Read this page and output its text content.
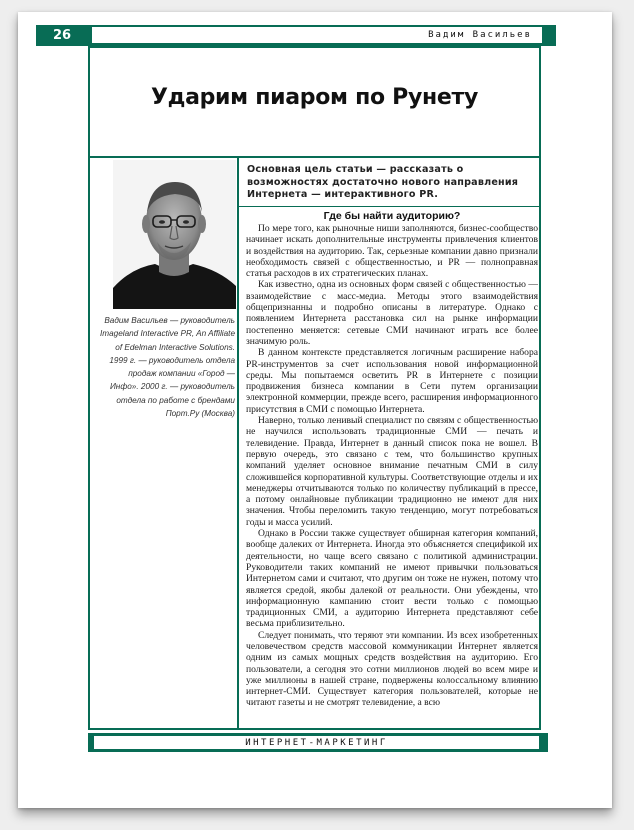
26	Вадим Васильев
Ударим пиаром по Рунету
Основная цель статьи — рассказать о возможностях достаточно нового направления Интернета — интерактивного PR.
Вадим Васильев — руководитель Imageland Interactive PR, An Affiliate of Edelman Interactive Solutions. 1999 г. — руководитель отдела продаж компании «Город — Инфо». 2000 г. — руководитель отдела по работе с брендами Порт.Ру (Москва)
Где бы найти аудиторию?

По мере того, как рыночные ниши заполняются, бизнес-сообщество начинает искать дополнительные инструменты привлечения клиентов и воздействия на аудиторию. Так, серьезные компании давно признали необходимость связей с общественностью, и PR — полноправная статья расходов в их стратегических планах.

Как известно, одна из основных форм связей с общественностью — взаимодействие с масс-медиа. Методы этого взаимодействия общепризнанны и подробно описаны в литературе. Однако с появлением Интернета расстановка сил на рынке информации постепенно меняется: сетевые СМИ начинают играть все более значимую роль.

В данном контексте представляется логичным расширение набора PR-инструментов за счет использования новой информационной среды. Мы попытаемся осветить PR в Интернете с позиции продвижения бизнеса компании в Сети путем организации электронной коммерции, прежде всего, расширения информационного присутствия в СМИ с помощью Интернета.

Наверно, только ленивый специалист по связям с общественностью не научился использовать традиционные СМИ — печать и телевидение. Правда, Интернет в данный список пока не вошел. В первую очередь, это связано с тем, что большинство крупных компаний уделяет основное внимание печатным СМИ в силу сложившейся корпоративной культуры. Соответствующие отделы и их менеджеры отчитываются только по количеству публикаций в прессе, а потому онлайновые публикации традиционно не имеют для них значения. Чтобы переломить такую тенденцию, могут потребоваться годы и масса усилий.

Однако в России также существует обширная категория компаний, вообще далеких от Интернета. Иногда это объясняется спецификой их деятельности, но чаще всего связано с политикой администрации. Руководители таких компаний не имеют привычки пользоваться Интернетом сами и считают, что другим он тоже не нужен, потому что является средой, якобы далекой от реальности. Они убеждены, что информационную кампанию стоит вести только с помощью традиционных СМИ, а аудиторию Интернета представляют себе весьма приблизительно.

Следует понимать, что теряют эти компании. Из всех изобретенных человечеством средств массовой коммуникации Интернет является одним из самых мощных средств воздействия на аудиторию. Его пользователи, а сегодня это сотни миллионов людей во всем мире и уже миллионы в нашей стране, подвержены колоссальному влиянию интернет-СМИ. Существует категория пользователей, которые не читают газеты и не смотрят телевидение, а всю

ИНТЕРНЕТ-МАРКЕТИНГ
